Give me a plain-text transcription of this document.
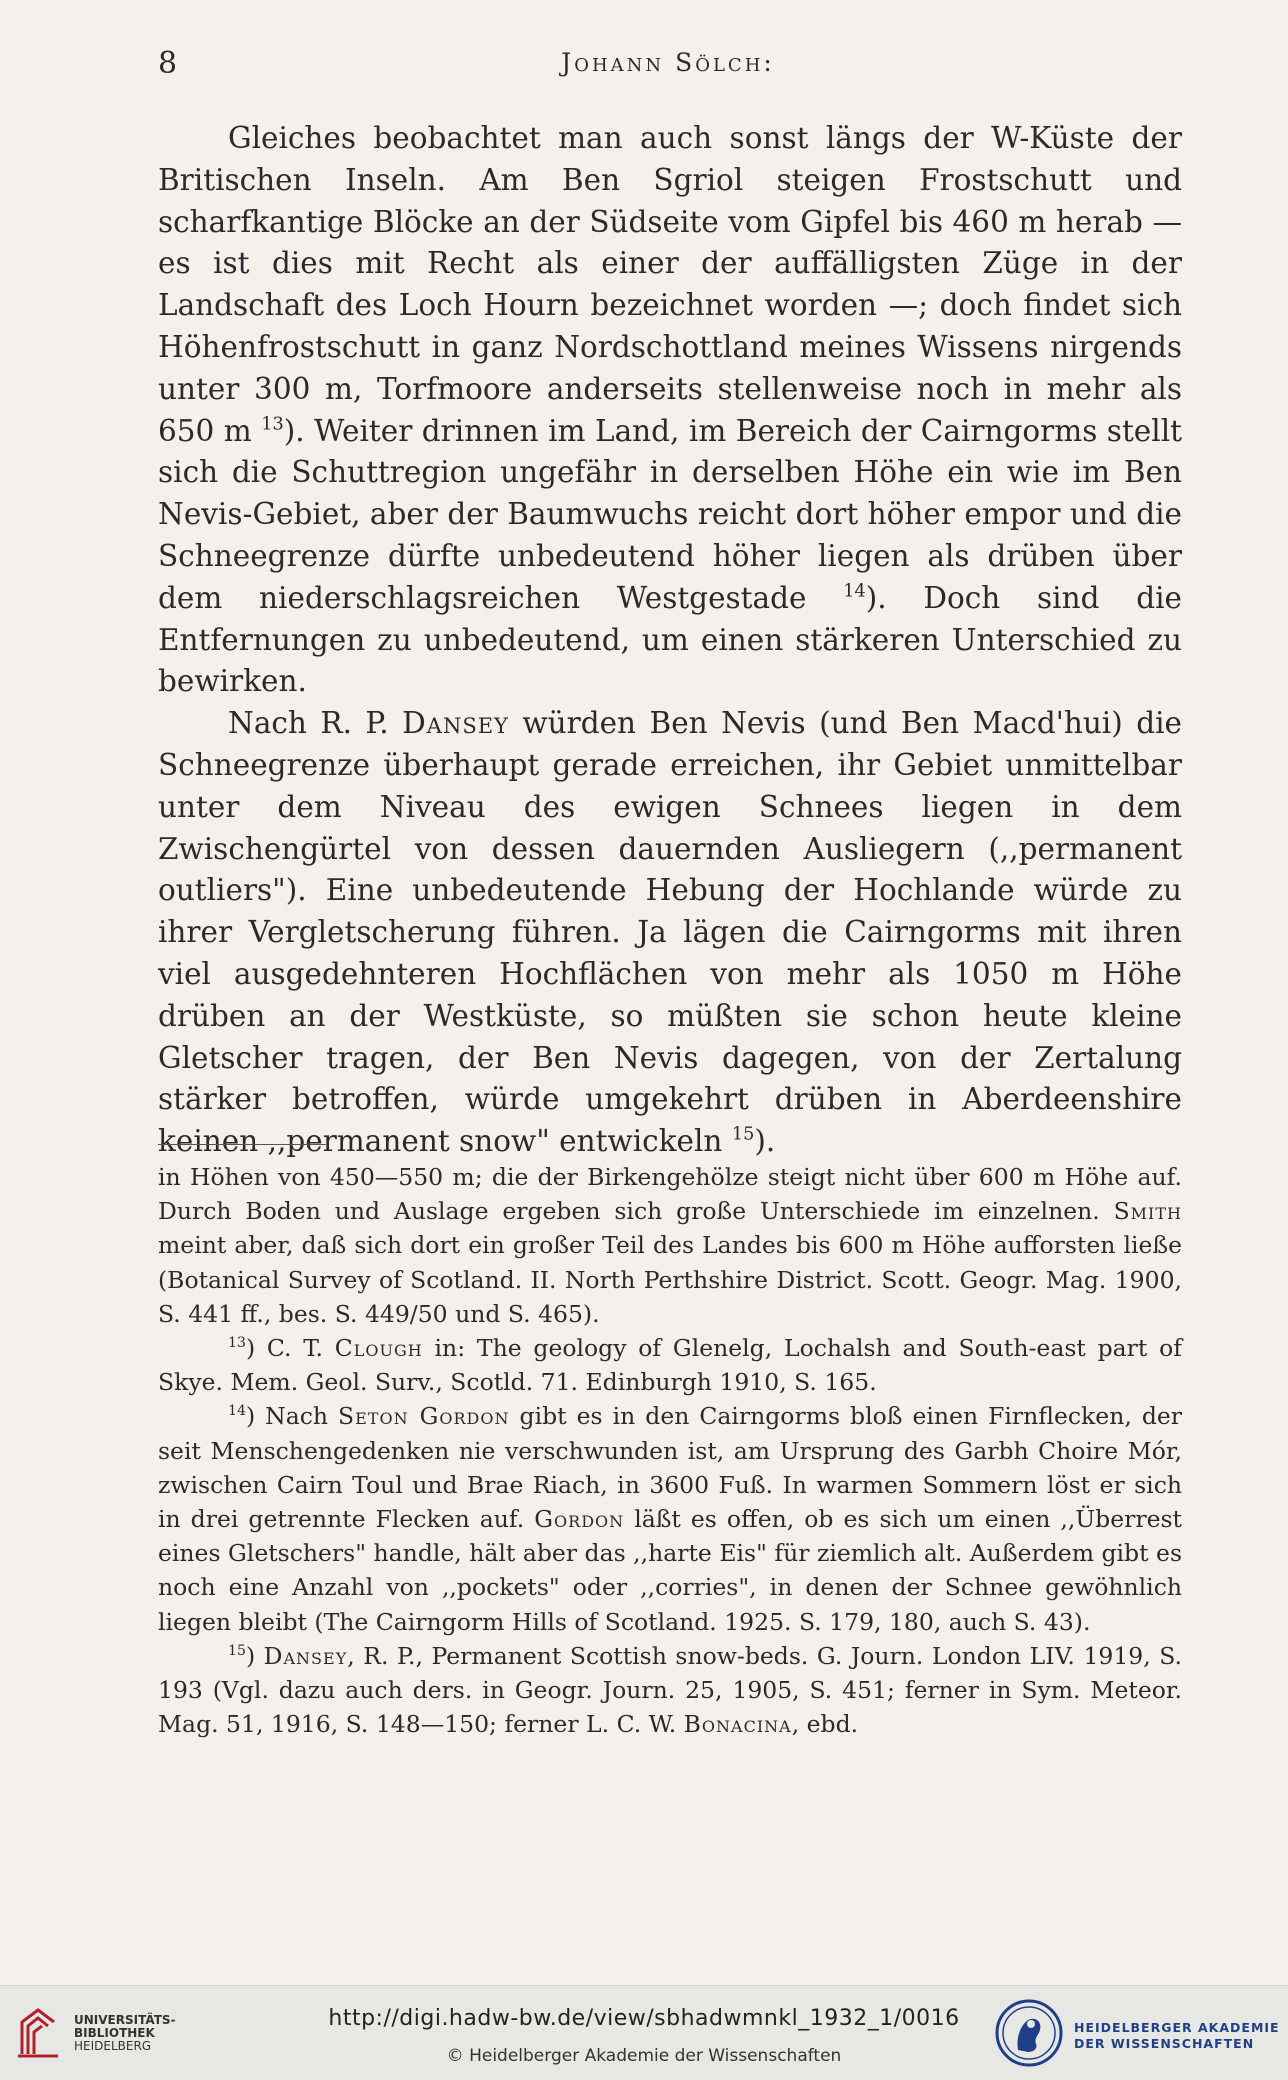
8	Johann Sölch:

Gleiches beobachtet man auch sonst längs der W-Küste der Britischen Inseln. Am Ben Sgriol steigen Frostschutt und scharfkantige Blöcke an der Südseite vom Gipfel bis 460 m herab — es ist dies mit Recht als einer der auffälligsten Züge in der Landschaft des Loch Hourn bezeichnet worden —; doch findet sich Höhenfrostschutt in ganz Nordschottland meines Wissens nirgends unter 300 m, Torfmoore anderseits stellenweise noch in mehr als 650 m $^{13}$). Weiter drinnen im Land, im Bereich der Cairngorms stellt sich die Schuttregion ungefähr in derselben Höhe ein wie im Ben Nevis-Gebiet, aber der Baumwuchs reicht dort höher empor und die Schneegrenze dürfte unbedeutend höher liegen als drüben über dem niederschlagsreichen Westgestade $^{14}$). Doch sind die Entfernungen zu unbedeutend, um einen stärkeren Unterschied zu bewirken.

Nach R. P. Dansey würden Ben Nevis (und Ben Macd'hui) die Schneegrenze überhaupt gerade erreichen, ihr Gebiet unmittelbar unter dem Niveau des ewigen Schnees liegen in dem Zwischengürtel von dessen dauernden Ausliegern (,,permanent outliers"). Eine unbedeutende Hebung der Hochlande würde zu ihrer Vergletscherung führen. Ja lägen die Cairngorms mit ihren viel ausgedehnteren Hochflächen von mehr als 1050 m Höhe drüben an der Westküste, so müßten sie schon heute kleine Gletscher tragen, der Ben Nevis dagegen, von der Zertalung stärker betroffen, würde umgekehrt drüben in Aberdeenshire keinen ,,permanent snow" entwickeln $^{15}$).

in Höhen von 450—550 m; die der Birkengehölze steigt nicht über 600 m Höhe auf. Durch Boden und Auslage ergeben sich große Unterschiede im einzelnen. Smith meint aber, daß sich dort ein großer Teil des Landes bis 600 m Höhe aufforsten ließe (Botanical Survey of Scotland. II. North Perthshire District. Scott. Geogr. Mag. 1900, S. 441 ff., bes. S. 449/50 und S. 465).

$^{13}$) C. T. Clough in: The geology of Glenelg, Lochalsh and South-east part of Skye. Mem. Geol. Surv., Scotld. 71. Edinburgh 1910, S. 165.

$^{14}$) Nach Seton Gordon gibt es in den Cairngorms bloß einen Firnflecken, der seit Menschengedenken nie verschwunden ist, am Ursprung des Garbh Choire Mór, zwischen Cairn Toul und Brae Riach, in 3600 Fuß. In warmen Sommern löst er sich in drei getrennte Flecken auf. Gordon läßt es offen, ob es sich um einen ,,Überrest eines Gletschers" handle, hält aber das ,,harte Eis" für ziemlich alt. Außerdem gibt es noch eine Anzahl von ,,pockets" oder ,,corries", in denen der Schnee gewöhnlich liegen bleibt (The Cairngorm Hills of Scotland. 1925. S. 179, 180, auch S. 43).

$^{15}$) Dansey, R. P., Permanent Scottish snow-beds. G. Journ. London LIV. 1919, S. 193 (Vgl. dazu auch ders. in Geogr. Journ. 25, 1905, S. 451; ferner in Sym. Meteor. Mag. 51, 1916, S. 148—150; ferner L. C. W. Bonacina, ebd.

UNIVERSITÄTS-
BIBLIOTHEK
HEIDELBERG
http://digi.hadw-bw.de/view/sbhadwmnkl_1932_1/0016
© Heidelberger Akademie der Wissenschaften
HEIDELBERGER AKADEMIE
DER WISSENSCHAFTEN
